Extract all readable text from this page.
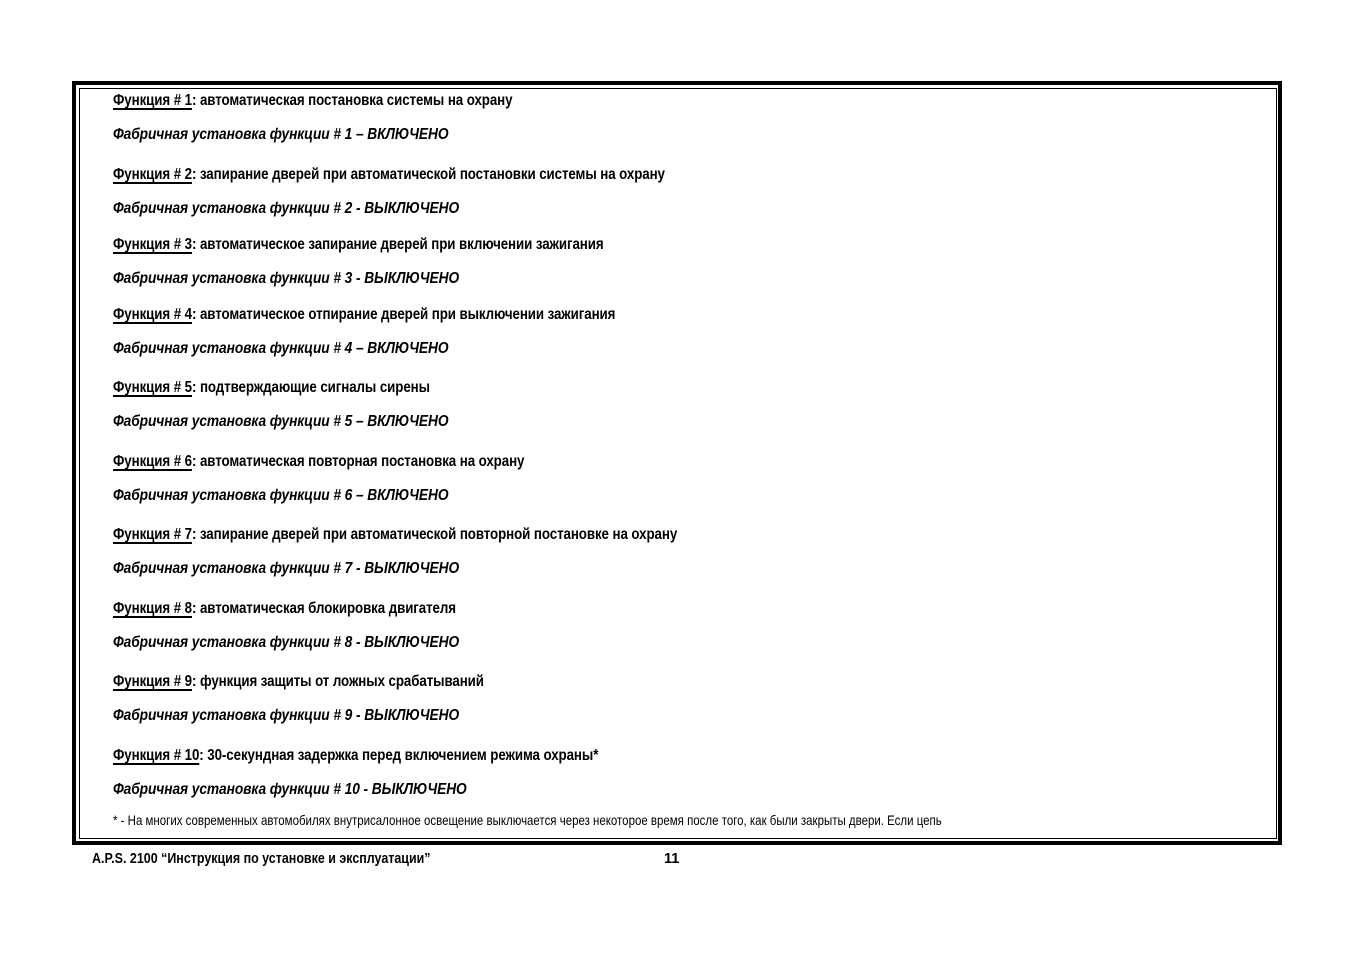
Функция # 1: автоматическая постановка системы на охрану
Фабричная установка функции # 1 – ВКЛЮЧЕНО
Функция # 2: запирание дверей при автоматической постановки системы на охрану
Фабричная установка функции # 2 - ВЫКЛЮЧЕНО
Функция # 3: автоматическое запирание дверей при включении зажигания
Фабричная установка функции # 3 - ВЫКЛЮЧЕНО
Функция # 4: автоматическое отпирание дверей при выключении зажигания
Фабричная установка функции # 4 – ВКЛЮЧЕНО
Функция # 5: подтверждающие сигналы сирены
Фабричная установка функции # 5 – ВКЛЮЧЕНО
Функция # 6: автоматическая повторная постановка на охрану
Фабричная установка функции # 6 – ВКЛЮЧЕНО
Функция # 7: запирание дверей при автоматической повторной постановке на охрану
Фабричная установка функции # 7 - ВЫКЛЮЧЕНО
Функция # 8: автоматическая блокировка двигателя
Фабричная установка функции # 8 - ВЫКЛЮЧЕНО
Функция # 9: функция защиты от ложных срабатываний
Фабричная установка функции # 9 - ВЫКЛЮЧЕНО
Функция # 10: 30-секундная задержка перед включением режима охраны*
Фабричная установка функции # 10 - ВЫКЛЮЧЕНО
* - На многих современных автомобилях внутрисалонное освещение выключается через некоторое время после того, как были закрыты двери. Если цепь
A.P.S. 2100 “Инструкция по установке и эксплуатации”	11
